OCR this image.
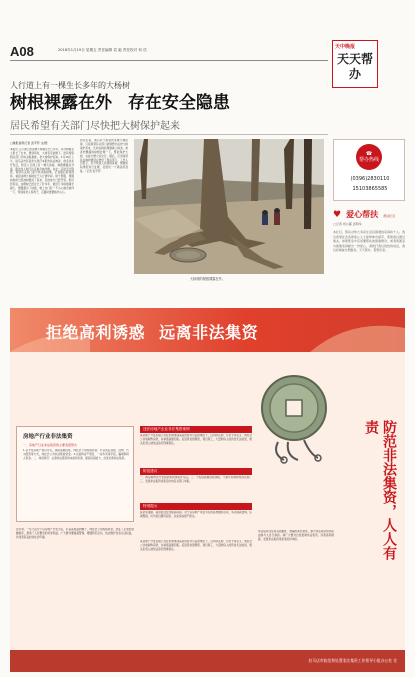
A08	2018年1月19日 星期五 责任编辑 袁 毅 责任校对 何 语	天中晚报
天天帮办
人行道上有一棵生长多年的大杨树
树根裸露在外 存在安全隐患
居民希望有关部门尽快把大树保护起来
□晚报首席记者 袁平怀 文/图
本报讯 人行道上的这棵大杨树生长已多年，部分树根从土里长了出来，遇到风时，大树有可能倒下，居民希望相关部门尽快采取措施，把大树保护起来。1月18日上午，驻马店市民高先生拨打本报热线反映说，他家住在开发区，附近人行道上有一棵大杨树，树根裸露在外面，路过的人稍不注意就会被绊倒，存在一定的安全隐患，希望有关部门能尽快采取措施。记者随后赶到现场，看到这棵大杨树位于人行道中间，树干很粗，周围的地砖已经被树根顶了起来，有的地方已经开裂。附近居民说，这棵树已经生长了好多年，最近几年树根越长越大，慢慢露出了地面，晚上出门时一不小心就会被绊一下，特别是老人和孩子，走路时更要格外小心。
居民们说，他们并不希望把这棵大树砍掉，只是希望有关部门能够想办法把大树保护起来，比如在树的周围砌上树池，或者把裸露的树根处理一下，既能保护大树，也能方便大家出行。随后，记者将居民反映的情况反馈给了相关部门，工作人员表示，会尽快派人到现场查看，根据实际情况进行处理，给居民一个满意的答复。（记者 袁平怀）
大杨树的树根裸露在外。
☎
帮办热线
(0396)2830110
15103865585
♥ 爱心帮扶 帮扶栏目
□记者 刘小露 袁明华
本栏目，帮扶对象大多是生活有困难的家庭和个人。我们希望社会各界爱心人士能够伸出援手，帮助他们渡过难关。如果您家中有需要帮扶的困难群众，或者您愿意为困难家庭献出一份爱心，请拨打我们的热线电话，我们将竭诚为您服务。天天帮办，帮您所需。
拒绝高利诱惑 远离非法集资
房地产行业非法集资
一、房地产行业非法集资的主要表现形式
1.以开发房地产项目为名，承诺高额回报，向社会公众吸收资金。2.以售后返租、回购、代为经营等方式，向社会公众非法吸收资金。3.以虚构房产项目、一房多卖等手段，骗取购房人资金。二、如何防范：认清非法集资的本质和危害，提高识别能力，自觉远离非法集资。
违法房地产企业非法集资案例
某房地产开发有限公司在未取得商品房预售许可证的情况下，以内部认购、会员卡等名义，向社会公众收取购房款，并承诺高额回报。后因资金链断裂，项目停工，大量购房人的资金无法收回，相关负责人被依法追究刑事责任。
防范建议
一、购房前核实开发商资质和预售许可证。二、不轻信高额回报承诺，不参与所谓的内部认购。三、发现非法集资线索及时向有关部门举报。
特别提示
投资需谨慎，高回报往往伴随高风险。对于以房地产项目为名的各类融资活动，务必提高警惕，认真甄别，切勿盲目跟风投资，以免造成财产损失。	防范非法集资，人人有责
近年来，一些不法分子以房地产开发为名，打着高收益的幌子，向社会公众吸收资金，扰乱了正常的金融秩序，损害了人民群众的切身利益。广大群众要提高警惕，增强防范意识，依法维护自身合法权益，共同营造良好的社会环境。
非法集资往往具有隐蔽性、欺骗性和危害性，参与非法集资的风险由参与人自行承担。请广大群众自觉抵制非法集资，远离高利诱惑，发现非法集资线索请及时举报。
某房地产开发有限公司在未取得商品房预售许可证的情况下，以内部认购、会员卡等名义，向社会公众收取购房款，并承诺高额回报。后因资金链断裂，项目停工，大量购房人的资金无法收回，相关负责人被依法追究刑事责任。
驻马店市防范和处置非法集资工作领导小组办公室 宣
